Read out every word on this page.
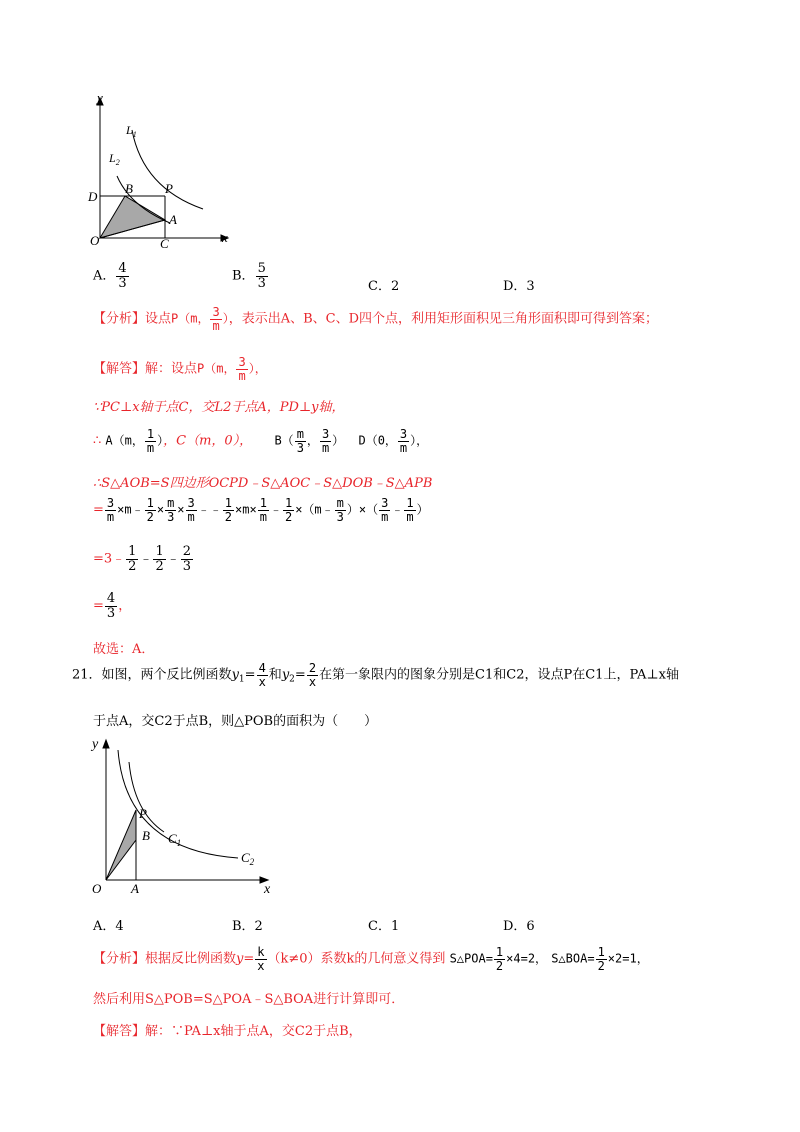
y
x
$L_1$
$L_2$
D
B P
A
O	C
A． $\frac{4}{3}$	B． $\frac{5}{3}$	C．2	D．3
【分析】设点P（m， $\frac{3}{m}$ ），表示出A、B、C、D四个点，利用矩形面积见三角形面积即可得到答案；
【解答】解：设点P（m， $\frac{3}{m}$ ），
∵PC⊥x轴于点C，交L2于点A，PD⊥y轴，
∴ A（m， $\frac{1}{m}$ ），C（m，0）， $B( \frac{m}{3}$ ， $\frac{3}{m}$ ） D（0， $\frac{3}{m}$ ），
∴S△AOB=S四边形OCPD﹣S△AOC﹣S△DOB﹣S△APB
= $\frac{3}{m}$ ×m﹣ $\frac{1}{2} \times \frac{m}{3} \times \frac{3}{m}$ ﹣﹣ $\frac{1}{2} \times m\times \frac{1}{m}$ ﹣ $\frac{1}{2}$ ×（m﹣ $\frac{m}{3}$ ）×（ $\frac{3}{m}$ ﹣ $\frac{1}{m}$ ）
=3﹣ $\frac{1}{2}$ ﹣ $\frac{1}{2}$ ﹣ $\frac{2}{3}$
= $\frac{4}{3}$ ，
故选：A．
21．如图，两个反比例函数$y_1= \frac{4}{x}$ 和$y_2= \frac{2}{x}$ 在第一象限内的图象分别是C1和C2，设点P在C1上，PA⊥x轴
于点A，交C2于点B，则△POB的面积为（　　）
y
x
P
B $C_1$
$C_2$
O A
A．4	B．2	C．1	D．6
【分析】根据反比例函数$y= \frac{k}{x} (k\ne 0)$系数k的几何意义得到 S△POA= $\frac{1}{2} \times 4=2$， S△BOA= $\frac{1}{2} \times 2=1$，
然后利用S△POB=S△POA﹣S△BOA进行计算即可．
【解答】解：∵PA⊥x轴于点A，交C2于点B，
